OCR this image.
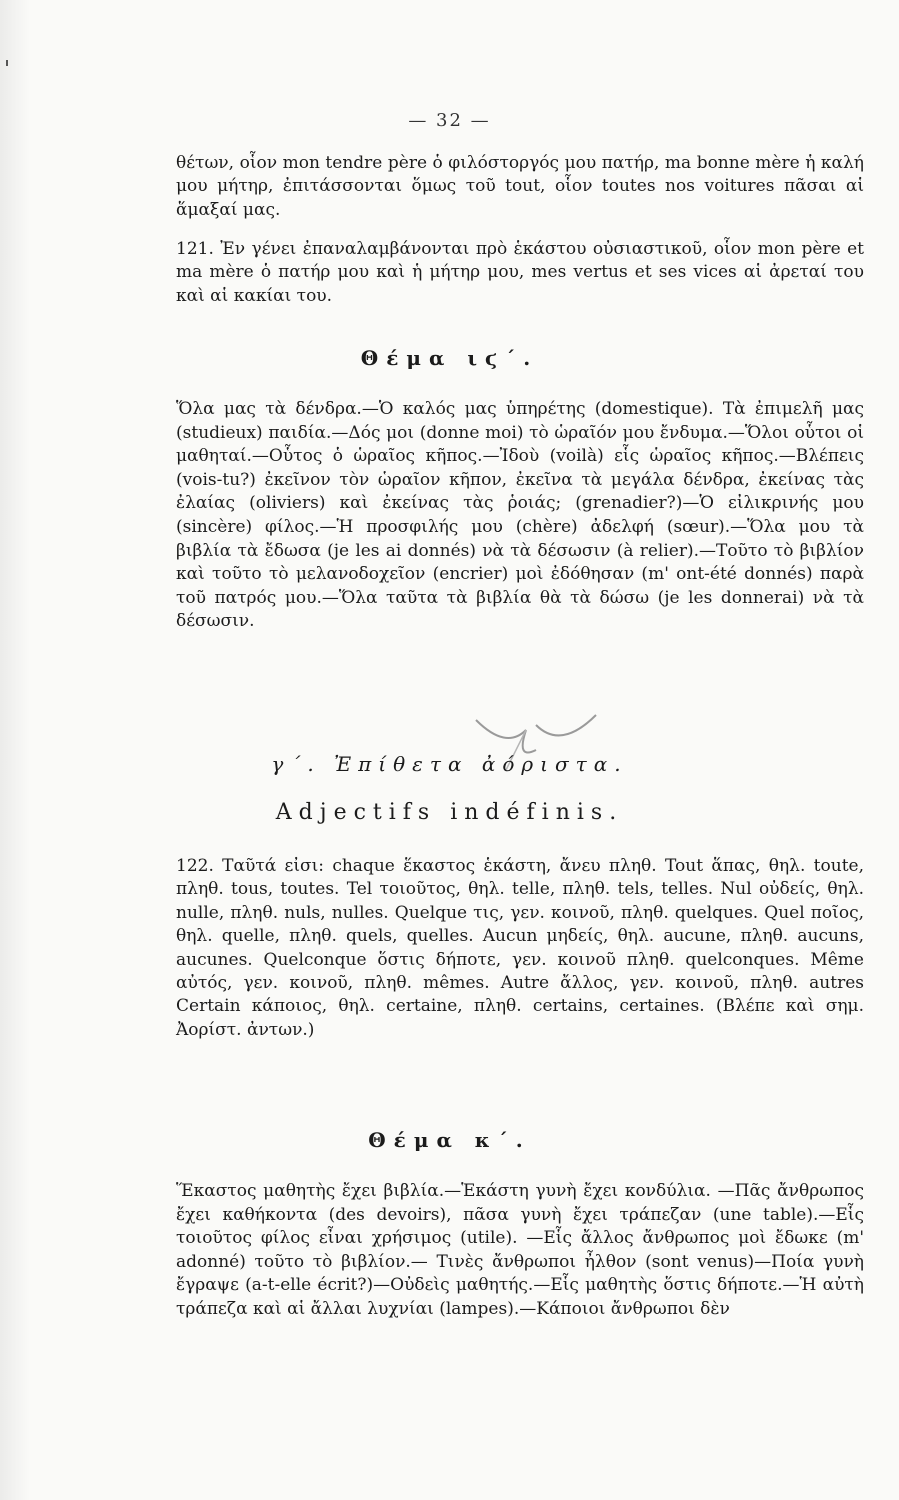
— 32 —

θέτων, οἷον mon tendre père ὁ φιλόστοργός μου πατήρ, ma bonne mère ἡ καλή μου μήτηρ, ἐπιτάσσονται ὅμως τοῦ tout, οἷον toutes nos voitures πᾶσαι αἱ ἅμαξαί μας.

121. Ἐν γένει ἐπαναλαμβάνονται πρὸ ἑκάστου οὐσιαστικοῦ, οἷον mon père et ma mère ὁ πατήρ μου καὶ ἡ μήτηρ μου, mes vertus et ses vices αἱ ἀρεταί του καὶ αἱ κακίαι του.

Θέμα ιϛ΄.

Ὅλα μας τὰ δένδρα.—Ὁ καλός μας ὑπηρέτης (domestique). Τὰ ἐπιμελῆ μας (studieux) παιδία.—Δός μοι (donne moi) τὸ ὡραῖόν μου ἔνδυμα.—Ὅλοι οὗτοι οἱ μαθηταί.—Οὗτος ὁ ὡραῖος κῆπος.—Ἰδοὺ (voilà) εἷς ὡραῖος κῆπος.—Βλέπεις (vois-tu?) ἐκεῖνον τὸν ὡραῖον κῆπον, ἐκεῖνα τὰ μεγάλα δένδρα, ἐκείνας τὰς ἐλαίας (oliviers) καὶ ἐκείνας τὰς ῥοιάς; (grenadier?)—Ὁ εἰλικρινής μου (sincère) φίλος.—Ἡ προσφιλής μου (chère) ἀδελφή (sœur).—Ὅλα μου τὰ βιβλία τὰ ἔδωσα (je les ai donnés) νὰ τὰ δέσωσιν (à relier).—Τοῦτο τὸ βιβλίον καὶ τοῦτο τὸ μελανοδοχεῖον (encrier) μοὶ ἐδόθησαν (m' ont-été donnés) παρὰ τοῦ πατρός μου.—Ὅλα ταῦτα τὰ βιβλία θὰ τὰ δώσω (je les donnerai) νὰ τὰ δέσωσιν.

γ΄. Ἐπίθετα ἀόριστα.
Adjectifs indéfinis.

122. Ταῦτά εἰσι: chaque ἕκαστος ἑκάστη, ἄνευ πληθ. Tout ἅπας, θηλ. toute, πληθ. tous, toutes. Tel τοιοῦτος, θηλ. telle, πληθ. tels, telles. Nul οὐδείς, θηλ. nulle, πληθ. nuls, nulles. Quelque τις, γεν. κοινοῦ, πληθ. quelques. Quel ποῖος, θηλ. quelle, πληθ. quels, quelles. Aucun μηδείς, θηλ. aucune, πληθ. aucuns, aucunes. Quelconque ὅστις δήποτε, γεν. κοινοῦ πληθ. quelconques. Même αὐτός, γεν. κοινοῦ, πληθ. mêmes. Autre ἄλλος, γεν. κοινοῦ, πληθ. autres Certain κάποιος, θηλ. certaine, πληθ. certains, certaines. (Βλέπε καὶ σημ. Ἀορίστ. ἀντων.)

Θέμα κ΄.

Ἕκαστος μαθητὴς ἔχει βιβλία.—Ἑκάστη γυνὴ ἔχει κονδύλια. —Πᾶς ἄνθρωπος ἔχει καθήκοντα (des devoirs), πᾶσα γυνὴ ἔχει τράπεζαν (une table).—Εἷς τοιοῦτος φίλος εἶναι χρήσιμος (utile). —Εἷς ἄλλος ἄνθρωπος μοὶ ἔδωκε (m' adonné) τοῦτο τὸ βιβλίον.— Τινὲς ἄνθρωποι ἦλθον (sont venus)—Ποία γυνὴ ἔγραψε (a-t-elle écrit?)—Οὐδεὶς μαθητής.—Εἷς μαθητὴς ὅστις δήποτε.—Ἡ αὐτὴ τράπεζα καὶ αἱ ἄλλαι λυχνίαι (lampes).—Κάποιοι ἄνθρωποι δὲν
